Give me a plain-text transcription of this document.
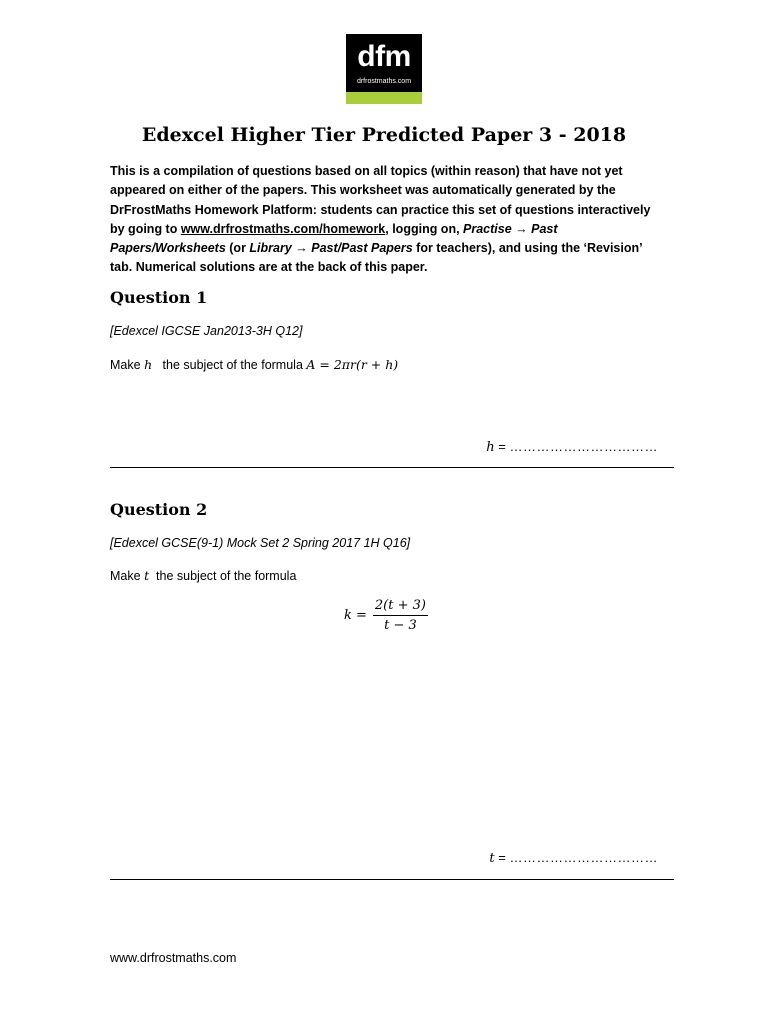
dfm
drfrostmaths.com
Edexcel Higher Tier Predicted Paper 3 - 2018

This is a compilation of questions based on all topics (within reason) that have not yet appeared on either of the papers. This worksheet was automatically generated by the DrFrostMaths Homework Platform: students can practice this set of questions interactively by going to www.drfrostmaths.com/homework, logging on, Practise → Past Papers/Worksheets (or Library → Past/Past Papers for teachers), and using the ‘Revision’ tab. Numerical solutions are at the back of this paper.

Question 1

[Edexcel IGCSE Jan2013-3H Q12]

Make h the subject of the formula A = 2πr(r + h)

h = ……………………………
Question 2

[Edexcel GCSE(9-1) Mock Set 2 Spring 2017 1H Q16]

Make t the subject of the formula

$k = \frac{2(t + 3)}{t - 3}$
t = ……………………………
www.drfrostmaths.com
